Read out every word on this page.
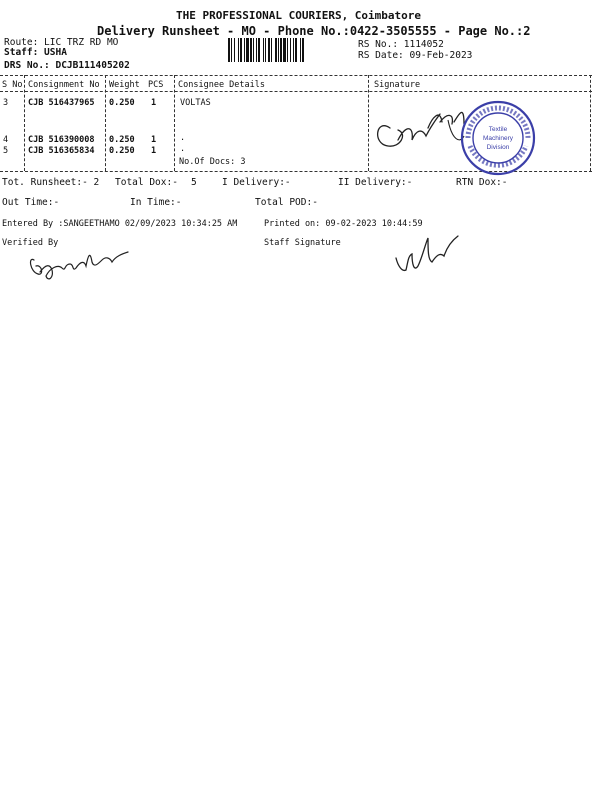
THE PROFESSIONAL COURIERS, Coimbatore
Delivery Runsheet - MO - Phone No.:0422-3505555 - Page No.:2
Route: LIC TRZ RD MO
Staff: USHA
DRS No.: DCJB111405202
RS No.: 1114052
RS Date: 09-Feb-2023
S No Consignment No Weight PCS Consignee Details	Signature
3 CJB 516437965 0.250 1	VOLTAS
4 CJB 516390008 0.250 1	.
5 CJB 516365834 0.250 1	.
No.Of Docs: 3
Textile
Machinery
Division
Tot. Runsheet:- 2 Total Dox:- 5	I Delivery:-	II Delivery:-	RTN Dox:-
Out Time:-	In Time:-	Total POD:-
Entered By :SANGEETHAMO 02/09/2023 10:34:25 AM	Printed on: 09-02-2023 10:44:59
Verified By	Staff Signature
